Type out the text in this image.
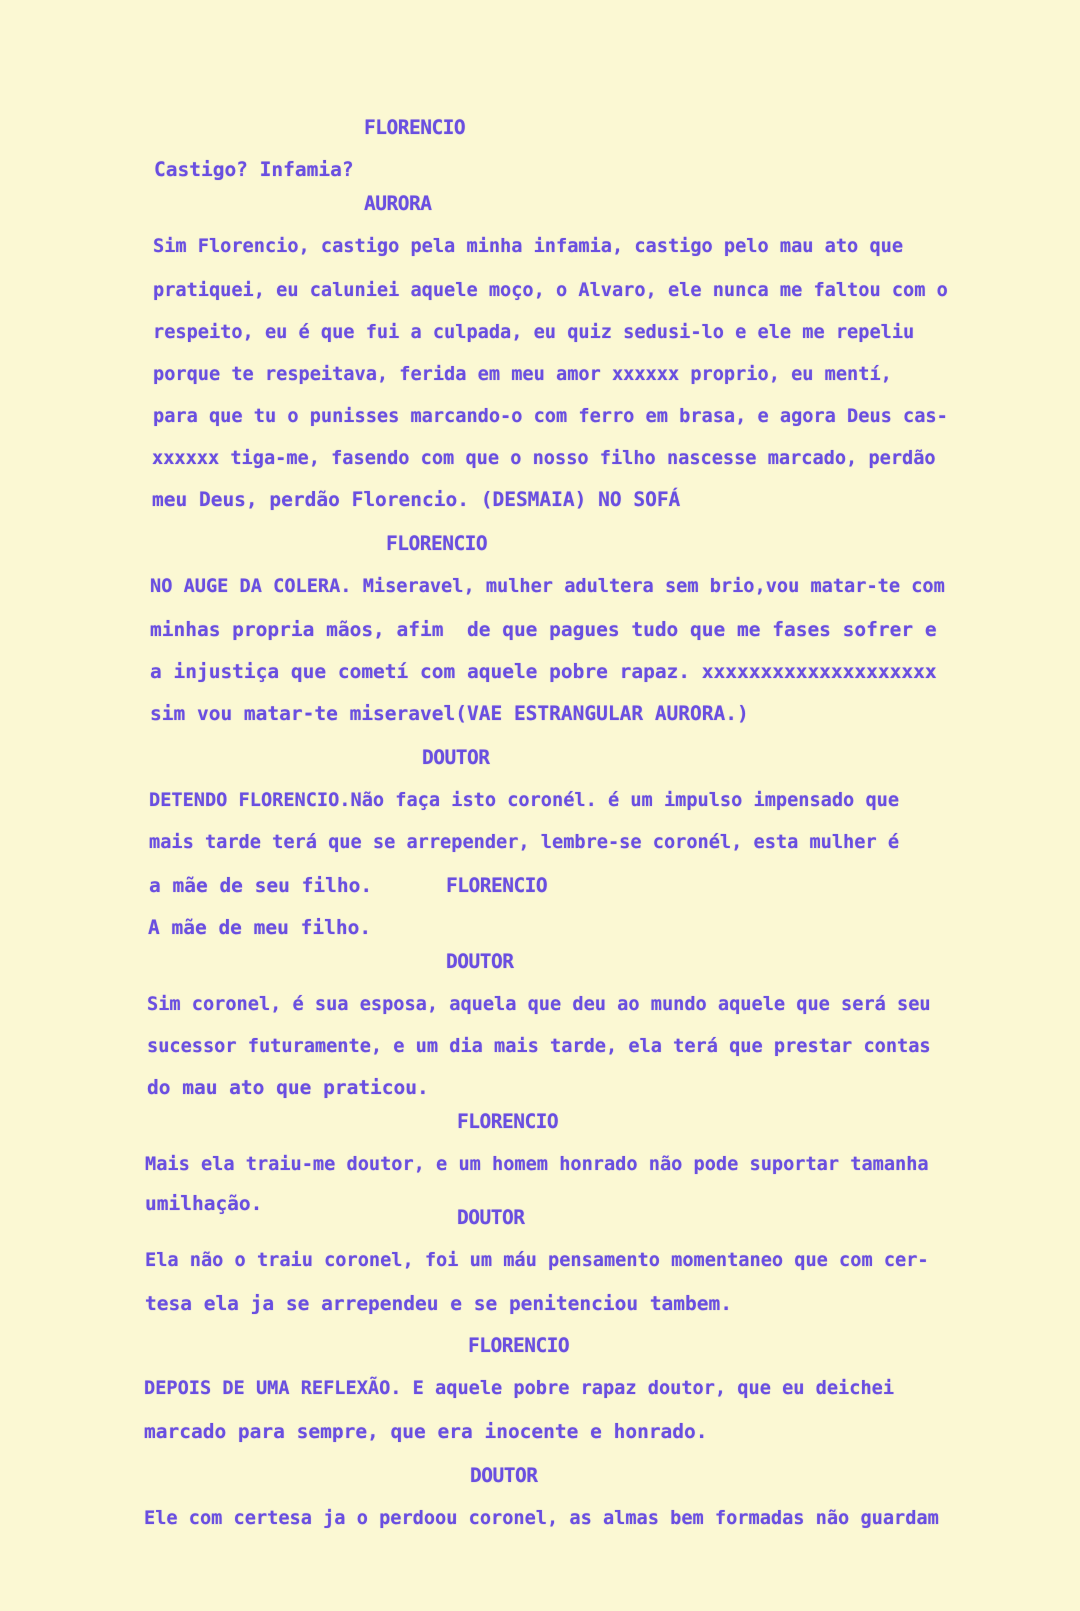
FLORENCIO
Castigo? Infamia?
AURORA
Sim Florencio, castigo pela minha infamia, castigo pelo mau ato que
pratiquei, eu caluniei aquele moço, o Alvaro, ele nunca me faltou com o
respeito, eu é que fui a culpada, eu quiz sedusi-lo e ele me repeliu
porque te respeitava, ferida em meu amor xxxxxx proprio, eu mentí,
para que tu o punisses marcando-o com ferro em brasa, e agora Deus cas-
xxxxxx tiga-me, fasendo com que o nosso filho nascesse marcado, perdão
meu Deus, perdão Florencio. (DESMAIA) NO SOFÁ
FLORENCIO
NO AUGE DA COLERA. Miseravel, mulher adultera sem brio,vou matar-te com
minhas propria mãos, afim  de que pagues tudo que me fases sofrer e
a injustiça que cometí com aquele pobre rapaz. xxxxxxxxxxxxxxxxxxxx
sim vou matar-te miseravel(VAE ESTRANGULAR AURORA.)
DOUTOR
DETENDO FLORENCIO.Não faça isto coronél. é um impulso impensado que
mais tarde terá que se arrepender, lembre-se coronél, esta mulher é
a mãe de seu filho.	FLORENCIO
A mãe de meu filho.
DOUTOR
Sim coronel, é sua esposa, aquela que deu ao mundo aquele que será seu
sucessor futuramente, e um dia mais tarde, ela terá que prestar contas
do mau ato que praticou.
FLORENCIO
Mais ela traiu-me doutor, e um homem honrado não pode suportar tamanha
umilhação.
DOUTOR
Ela não o traiu coronel, foi um máu pensamento momentaneo que com cer-
tesa ela ja se arrependeu e se penitenciou tambem.
FLORENCIO
DEPOIS DE UMA REFLEXÃO. E aquele pobre rapaz doutor, que eu deichei
marcado para sempre, que era inocente e honrado.
DOUTOR
Ele com certesa ja o perdoou coronel, as almas bem formadas não guardam
